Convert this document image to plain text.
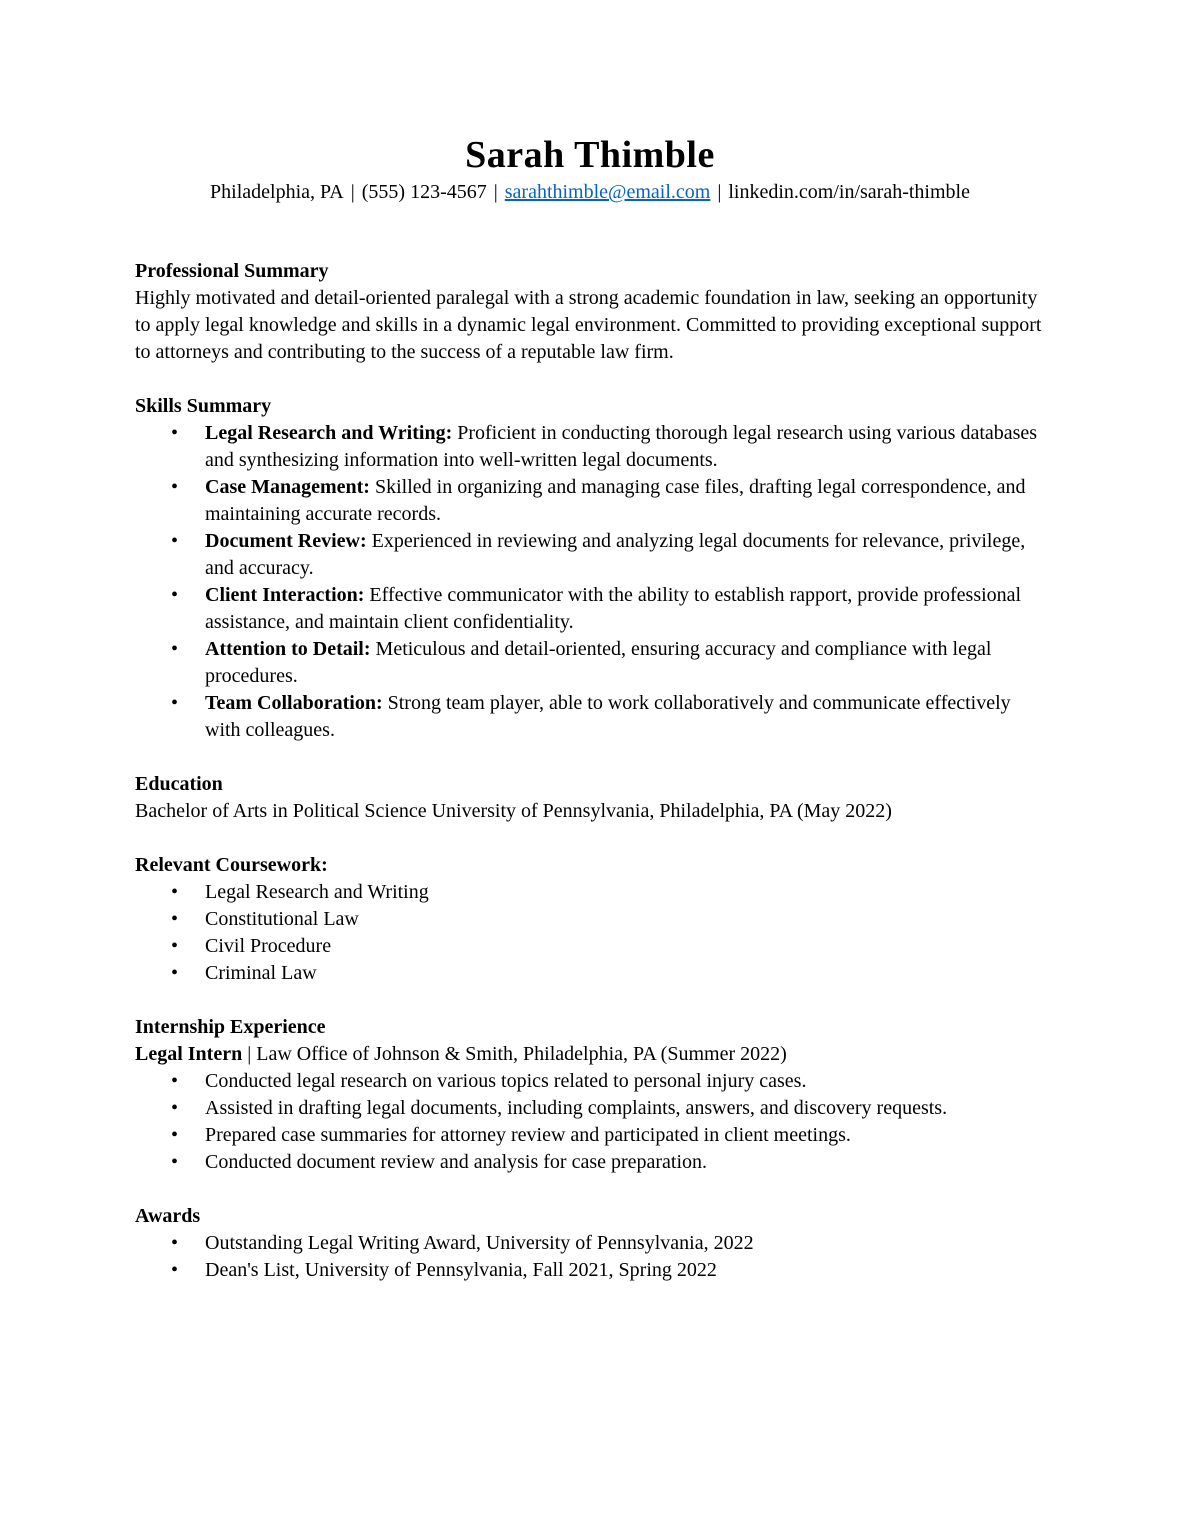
Sarah Thimble
Philadelphia, PA | (555) 123-4567 | sarahthimble@email.com | linkedin.com/in/sarah-thimble
Professional Summary

Highly motivated and detail-oriented paralegal with a strong academic foundation in law, seeking an opportunity to apply legal knowledge and skills in a dynamic legal environment. Committed to providing exceptional support to attorneys and contributing to the success of a reputable law firm.

Skills Summary
• Legal Research and Writing: Proficient in conducting thorough legal research using various databases and synthesizing information into well-written legal documents.
• Case Management: Skilled in organizing and managing case files, drafting legal correspondence, and maintaining accurate records.
• Document Review: Experienced in reviewing and analyzing legal documents for relevance, privilege, and accuracy.
• Client Interaction: Effective communicator with the ability to establish rapport, provide professional assistance, and maintain client confidentiality.
• Attention to Detail: Meticulous and detail-oriented, ensuring accuracy and compliance with legal procedures.
• Team Collaboration: Strong team player, able to work collaboratively and communicate effectively with colleagues.
Education

Bachelor of Arts in Political Science University of Pennsylvania, Philadelphia, PA (May 2022)

Relevant Coursework:
• Legal Research and Writing
• Constitutional Law
• Civil Procedure
• Criminal Law
Internship Experience
Legal Intern | Law Office of Johnson & Smith, Philadelphia, PA (Summer 2022)
• Conducted legal research on various topics related to personal injury cases.
• Assisted in drafting legal documents, including complaints, answers, and discovery requests.
• Prepared case summaries for attorney review and participated in client meetings.
• Conducted document review and analysis for case preparation.
Awards
• Outstanding Legal Writing Award, University of Pennsylvania, 2022
• Dean's List, University of Pennsylvania, Fall 2021, Spring 2022
